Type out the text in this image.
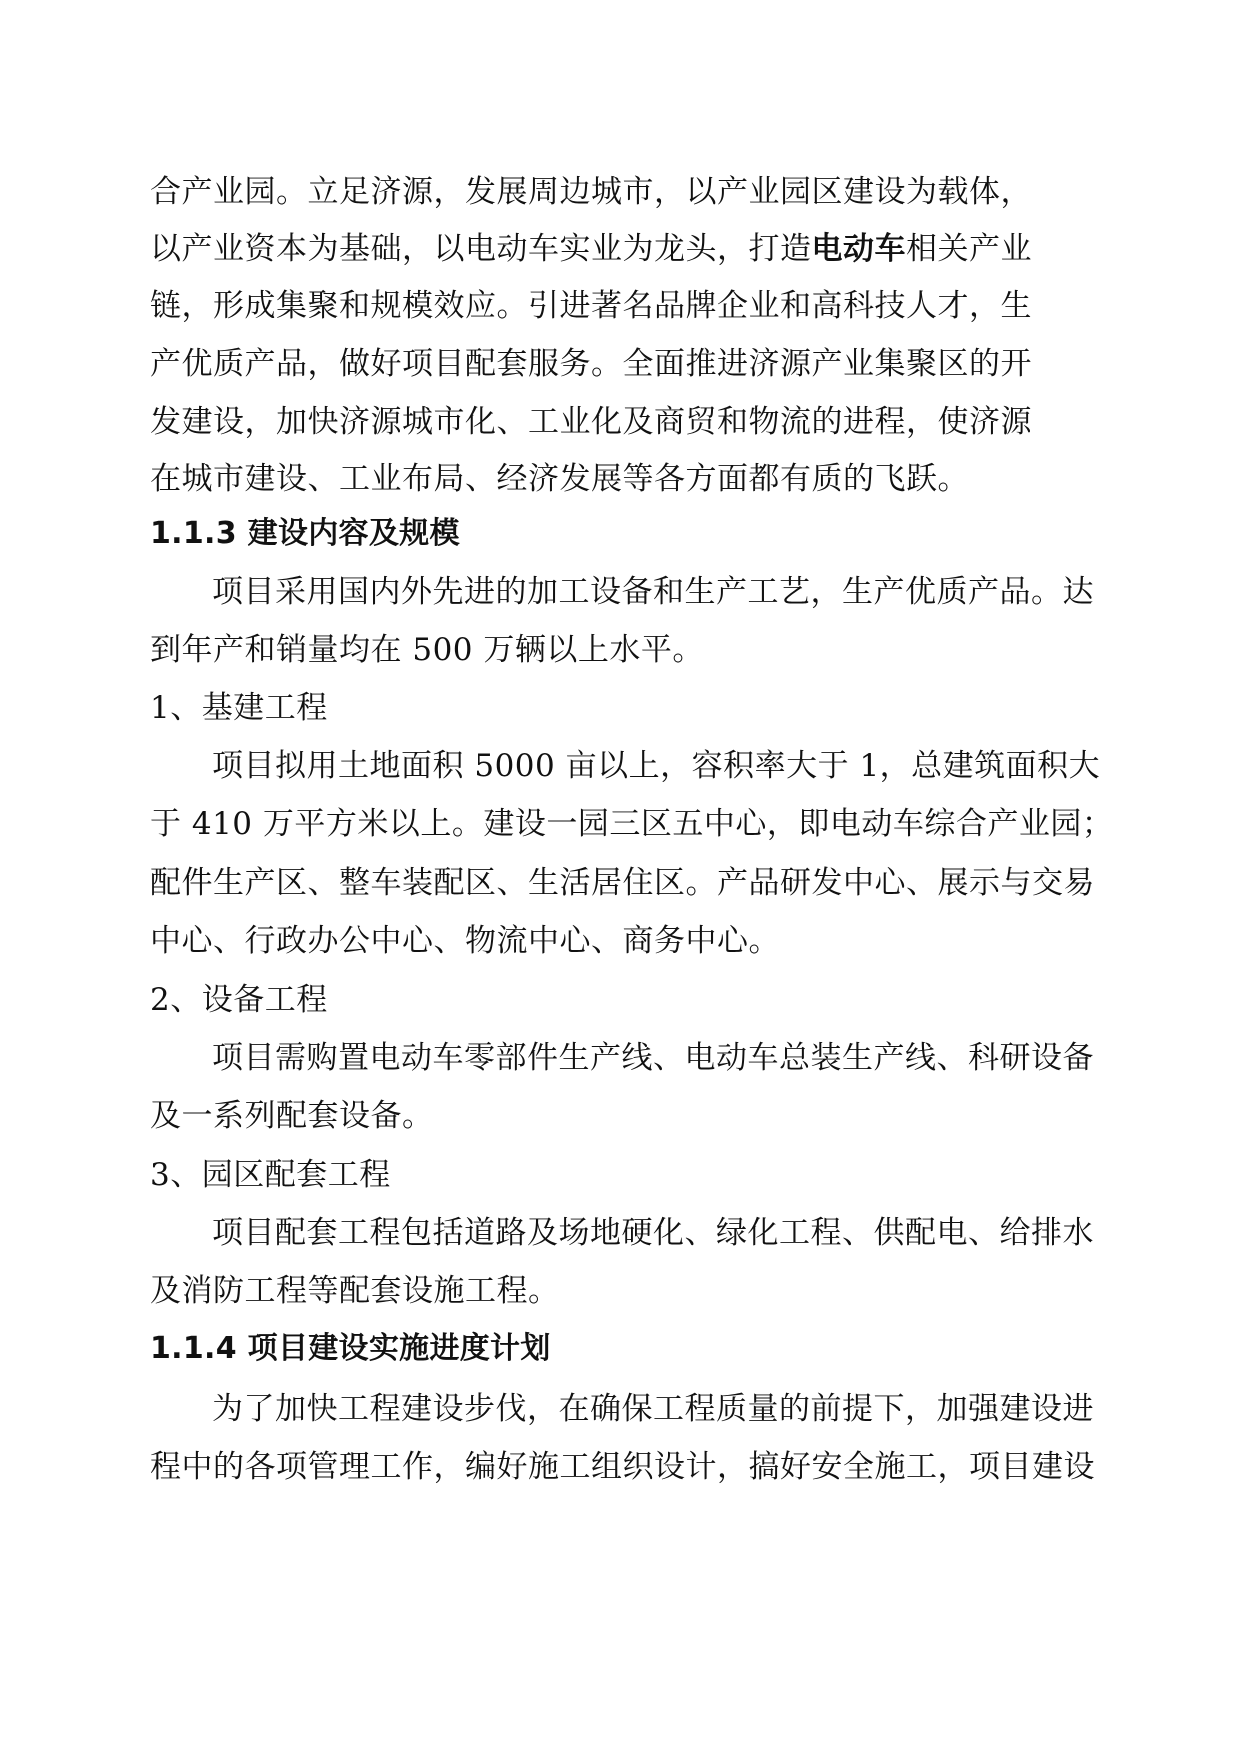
合产业园。立足济源，发展周边城市，以产业园区建设为载体，
以产业资本为基础，以电动车实业为龙头，打造电动车相关产业
链，形成集聚和规模效应。引进著名品牌企业和高科技人才，生
产优质产品，做好项目配套服务。全面推进济源产业集聚区的开
发建设，加快济源城市化、工业化及商贸和物流的进程，使济源
在城市建设、工业布局、经济发展等各方面都有质的飞跃。
1.1.3 建设内容及规模
项目采用国内外先进的加工设备和生产工艺，生产优质产品。达
到年产和销量均在 500 万辆以上水平。
1、基建工程
项目拟用土地面积 5000 亩以上，容积率大于 1，总建筑面积大
于 410 万平方米以上。建设一园三区五中心，即电动车综合产业园；
配件生产区、整车装配区、生活居住区。产品研发中心、展示与交易
中心、行政办公中心、物流中心、商务中心。
2、设备工程
项目需购置电动车零部件生产线、电动车总装生产线、科研设备
及一系列配套设备。
3、园区配套工程
项目配套工程包括道路及场地硬化、绿化工程、供配电、给排水
及消防工程等配套设施工程。
1.1.4 项目建设实施进度计划
为了加快工程建设步伐，在确保工程质量的前提下，加强建设进
程中的各项管理工作，编好施工组织设计，搞好安全施工，项目建设
